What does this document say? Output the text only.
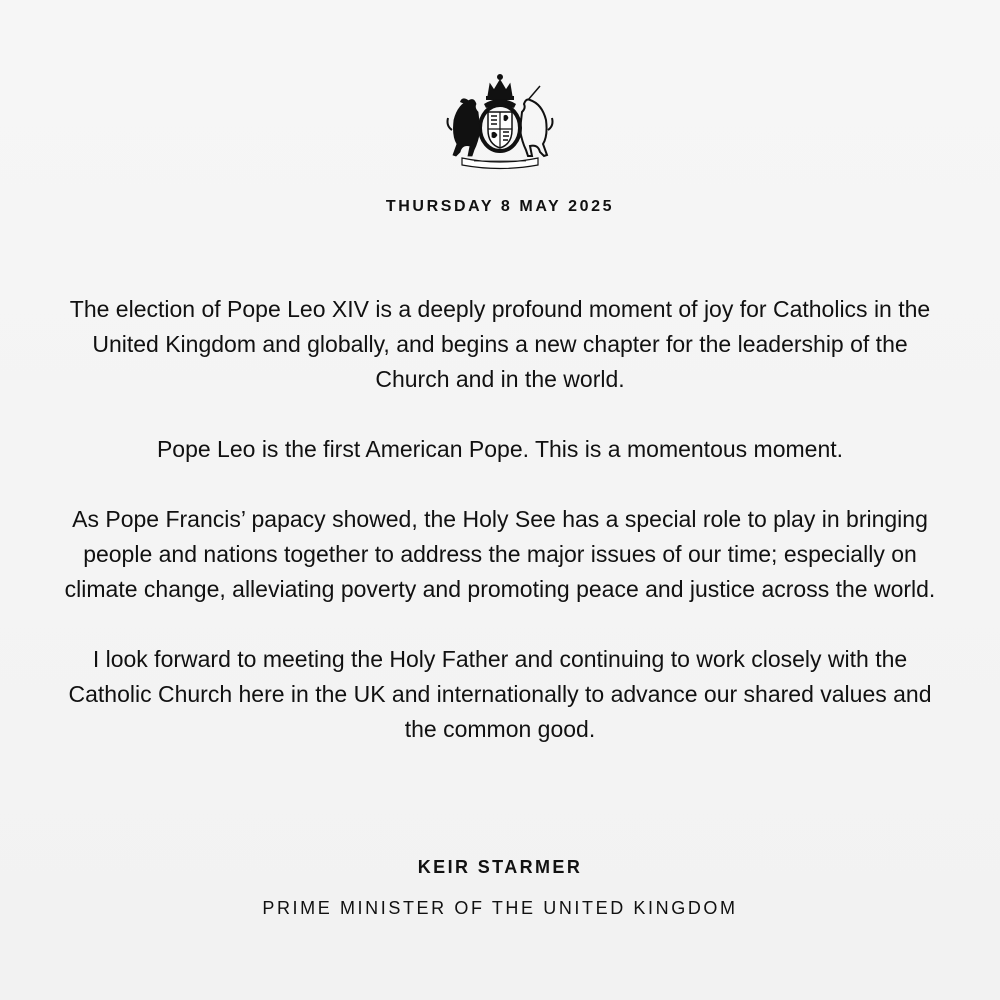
THURSDAY 8 MAY 2025

The election of Pope Leo XIV is a deeply profound moment of joy for Catholics in the United Kingdom and globally, and begins a new chapter for the leadership of the Church and in the world.

Pope Leo is the first American Pope. This is a momentous moment.

As Pope Francis’ papacy showed, the Holy See has a special role to play in bringing people and nations together to address the major issues of our time; especially on climate change, alleviating poverty and promoting peace and justice across the world.

I look forward to meeting the Holy Father and continuing to work closely with the Catholic Church here in the UK and internationally to advance our shared values and the common good.

KEIR STARMER
PRIME MINISTER OF THE UNITED KINGDOM
